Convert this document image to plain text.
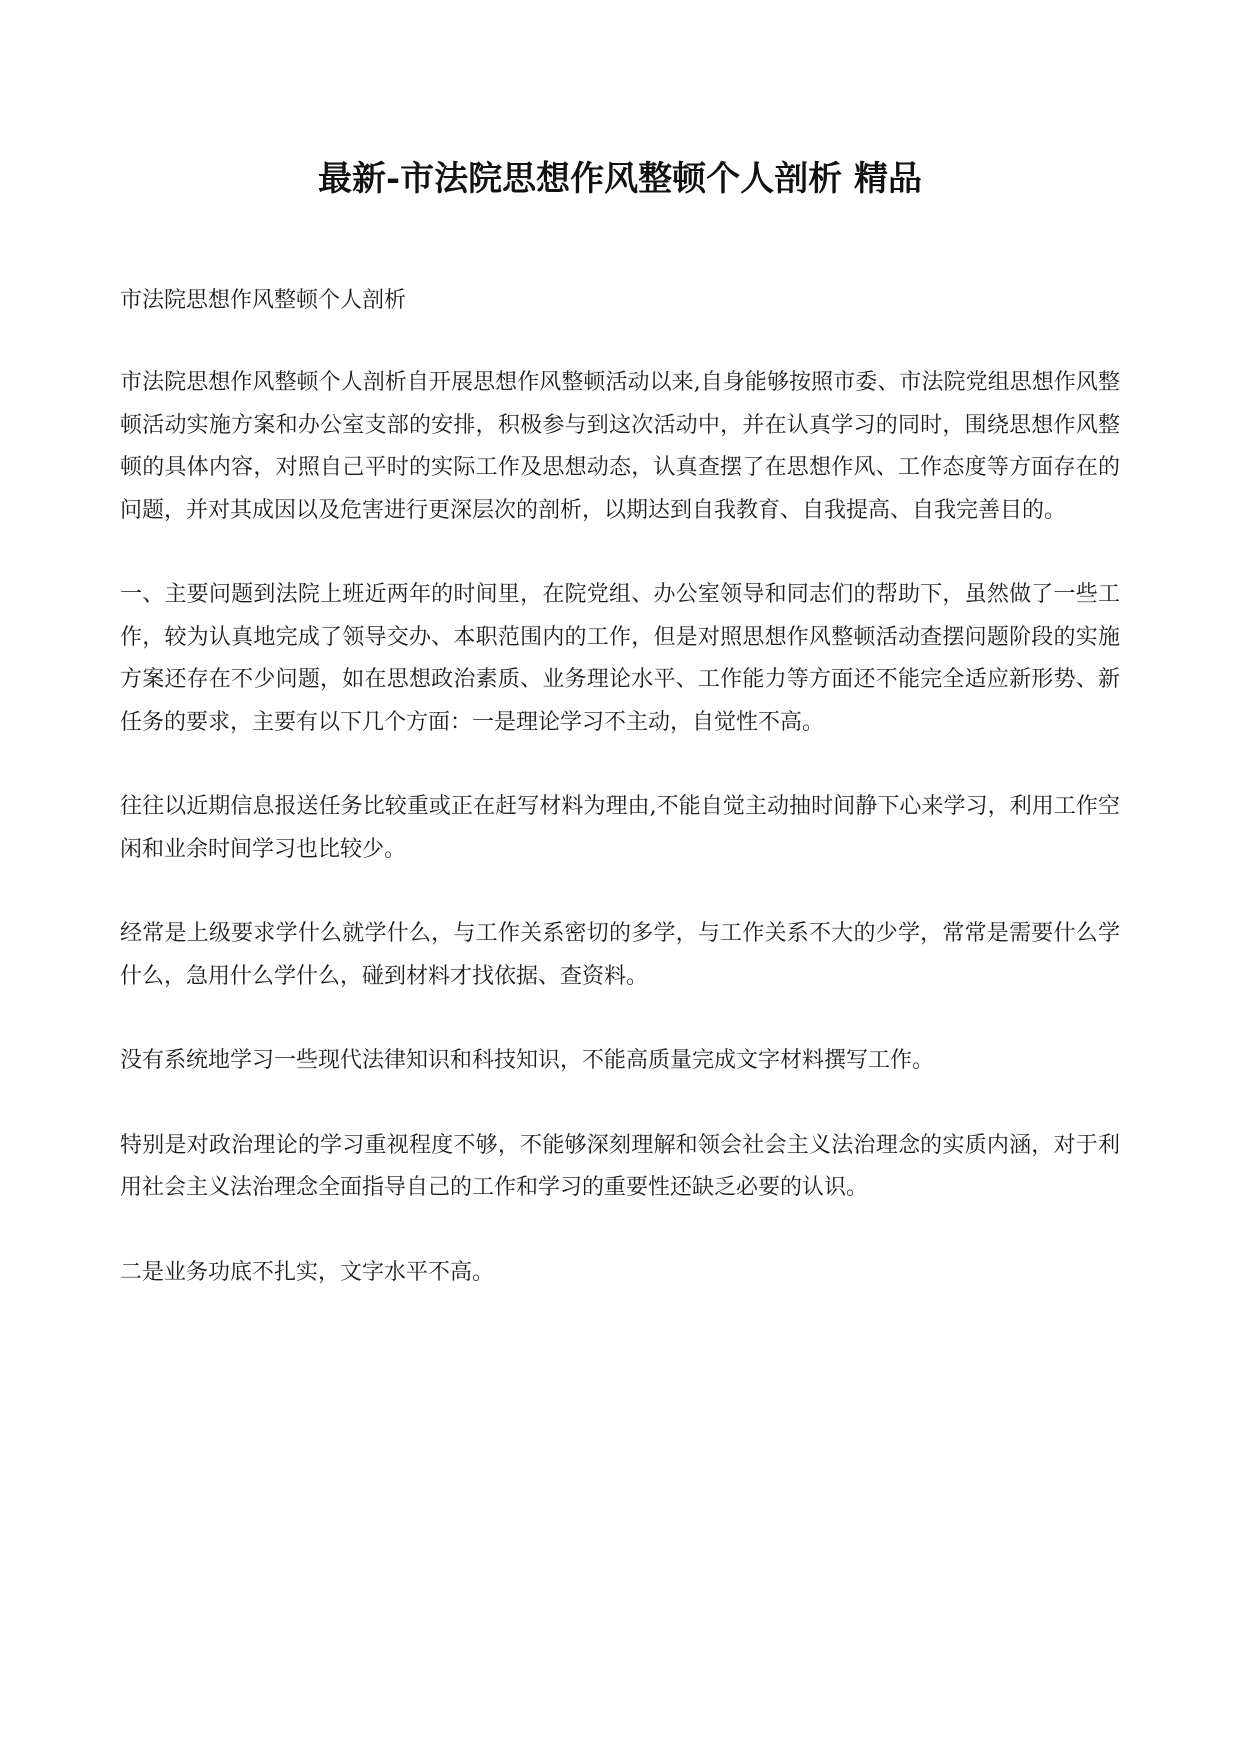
最新-市法院思想作风整顿个人剖析 精品

市法院思想作风整顿个人剖析

市法院思想作风整顿个人剖析自开展思想作风整顿活动以来,自身能够按照市委、市法院党组思想作风整顿活动实施方案和办公室支部的安排，积极参与到这次活动中，并在认真学习的同时，围绕思想作风整顿的具体内容，对照自己平时的实际工作及思想动态，认真查摆了在思想作风、工作态度等方面存在的问题，并对其成因以及危害进行更深层次的剖析，以期达到自我教育、自我提高、自我完善目的。

一、主要问题到法院上班近两年的时间里，在院党组、办公室领导和同志们的帮助下，虽然做了一些工作，较为认真地完成了领导交办、本职范围内的工作，但是对照思想作风整顿活动查摆问题阶段的实施方案还存在不少问题，如在思想政治素质、业务理论水平、工作能力等方面还不能完全适应新形势、新任务的要求，主要有以下几个方面：一是理论学习不主动，自觉性不高。

往往以近期信息报送任务比较重或正在赶写材料为理由,不能自觉主动抽时间静下心来学习，利用工作空闲和业余时间学习也比较少。

经常是上级要求学什么就学什么，与工作关系密切的多学，与工作关系不大的少学，常常是需要什么学什么，急用什么学什么，碰到材料才找依据、查资料。

没有系统地学习一些现代法律知识和科技知识，不能高质量完成文字材料撰写工作。

特别是对政治理论的学习重视程度不够，不能够深刻理解和领会社会主义法治理念的实质内涵，对于利用社会主义法治理念全面指导自己的工作和学习的重要性还缺乏必要的认识。

二是业务功底不扎实，文字水平不高。
